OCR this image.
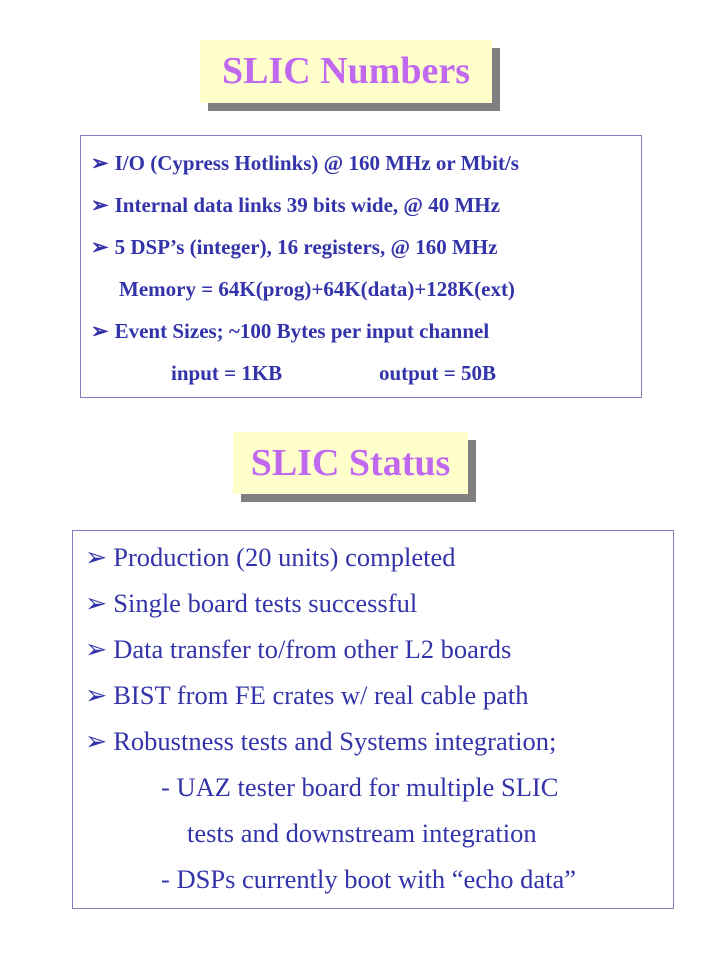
SLIC Numbers
➢ I/O (Cypress Hotlinks) @ 160 MHz or Mbit/s
➢ Internal data links 39 bits wide, @ 40 MHz
➢ 5 DSP’s (integer), 16 registers, @ 160 MHz
Memory = 64K(prog)+64K(data)+128K(ext)
➢ Event Sizes; ~100 Bytes per input channel
input = 1KB	output = 50B
SLIC Status
➢ Production (20 units) completed
➢ Single board tests successful
➢ Data transfer to/from other L2 boards
➢ BIST from FE crates w/ real cable path
➢ Robustness tests and Systems integration;
- UAZ tester board for multiple SLIC
tests and downstream integration
- DSPs currently boot with “echo data”
